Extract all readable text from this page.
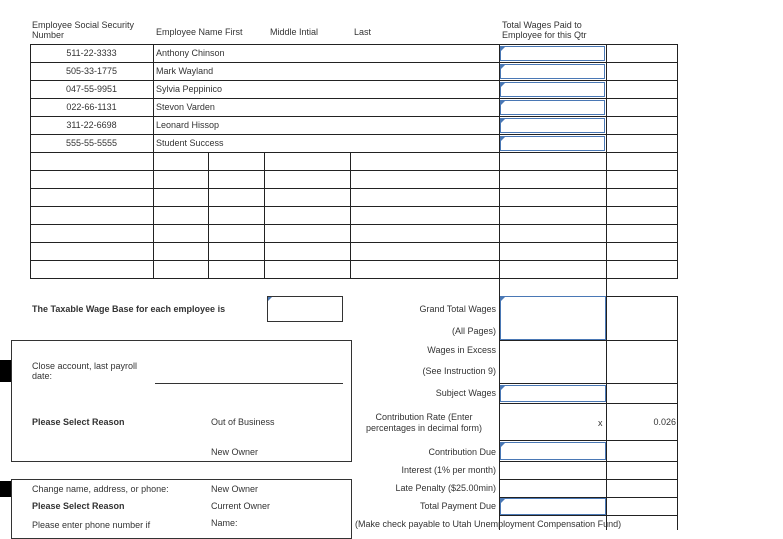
Employee Social Security Number	Employee Name First	Middle Intial	Last
Total Wages Paid to Employee for this Qtr
511-22-3333	Anthony Chinson
505-33-1775	Mark Wayland
047-55-9951	Sylvia Peppinico
022-66-1131	Stevon Varden
311-22-6698	Leonard Hissop
555-55-5555	Student Success
The Taxable Wage Base for each employee is	Grand Total Wages
(All Pages)
Wages in Excess
(See Instruction 9)
Subject Wages
Contribution Rate (Enter percentages in decimal form)	x	0.026
Contribution Due
Interest (1% per month)
Late Penalty ($25.00min)
Total Payment Due
(Make check payable to Utah Unemployment Compensation Fund)
Close account, last payroll date:
Please Select Reason	Out of Business
New Owner
Change name, address, or phone:	New Owner
Please Select Reason	Current Owner
Please enter phone number if	Name:
